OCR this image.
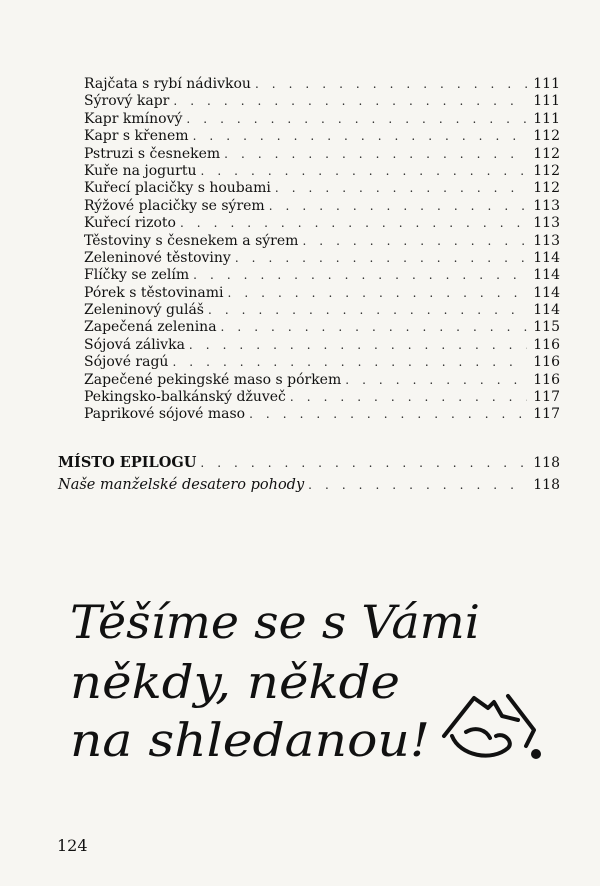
Rajčata s rybí nádivkou . . .	111
Sýrový kapr . . .	111
Kapr kmínový . . .	111
Kapr s křenem . . .	112
Pstruzi s česnekem . . .	112
Kuře na jogurtu . . .	112
Kuřecí placičky s houbami . . .	112
Rýžové placičky se sýrem . . .	113
Kuřecí rizoto . . .	113
Těstoviny s česnekem a sýrem . . .	113
Zeleninové těstoviny . . .	114
Flíčky se zelím . . .	114
Pórek s těstovinami . . .	114
Zeleninový guláš . . .	114
Zapečená zelenina . . .	115
Sójová zálivka . . .	116
Sójové ragú . . .	116
Zapečené pekingské maso s pórkem . . .	116
Pekingsko-balkánský džuveč . . .	117
Paprikové sójové maso . . .	117
MÍSTO EPILOGU . . .	118
Naše manželské desatero pohody . . .	118
Těšíme se s Vámi
někdy, někde
na shledanou!
124
